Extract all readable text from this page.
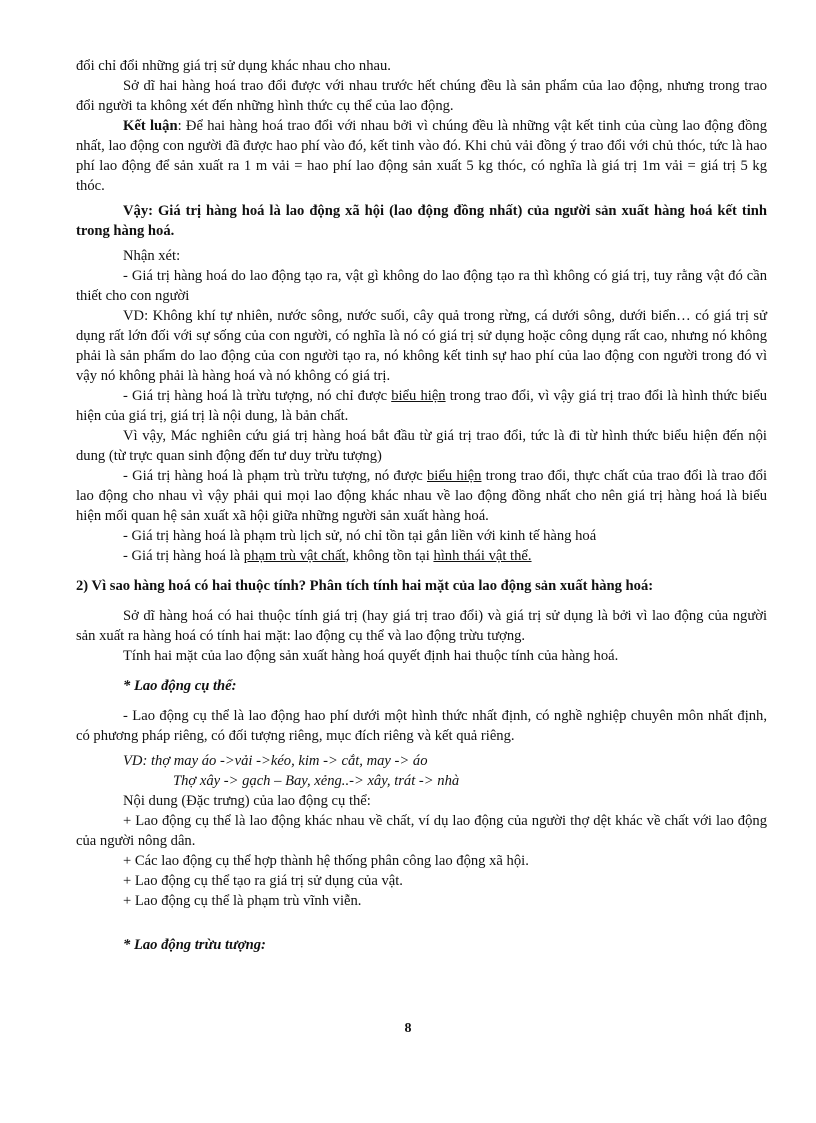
đổi chỉ đổi những giá trị sử dụng khác nhau cho nhau.

Sở dĩ hai hàng hoá trao đổi được với nhau trước hết chúng đều là sản phẩm của lao động, nhưng trong trao đổi người ta không xét đến những hình thức cụ thể của lao động.

Kết luận: Để hai hàng hoá trao đổi với nhau bởi vì chúng đều là những vật kết tinh của cùng lao động đồng nhất, lao động con người đã được hao phí vào đó, kết tinh vào đó. Khi chủ vải đồng ý trao đổi với chủ thóc, tức là hao phí lao động để sản xuất ra 1 m vải = hao phí lao động sản xuất 5 kg thóc, có nghĩa là giá trị 1m vải = giá trị 5 kg thóc.

Vậy: Giá trị hàng hoá là lao động xã hội (lao động đồng nhất) của người sản xuất hàng hoá kết tinh trong hàng hoá.

Nhận xét:

- Giá trị hàng hoá do lao động tạo ra, vật gì không do lao động tạo ra thì không có giá trị, tuy rằng vật đó cần thiết cho con người

VD: Không khí tự nhiên, nước sông, nước suối, cây quả trong rừng, cá dưới sông, dưới biển… có giá trị sử dụng rất lớn đối với sự sống của con người, có nghĩa là nó có giá trị sử dụng hoặc công dụng rất cao, nhưng nó không phải là sản phẩm do lao động của con người tạo ra, nó không kết tinh sự hao phí của lao động con người trong đó vì vậy nó không phải là hàng hoá và nó không có giá trị.

- Giá trị hàng hoá là trừu tượng, nó chỉ được biểu hiện trong trao đổi, vì vậy giá trị trao đổi là hình thức biểu hiện của giá trị, giá trị là nội dung, là bản chất.

Vì vậy, Mác nghiên cứu giá trị hàng hoá bắt đầu từ giá trị trao đổi, tức là đi từ hình thức biểu hiện đến nội dung (từ trực quan sinh động đến tư duy trừu tượng)

- Giá trị hàng hoá là phạm trù trừu tượng, nó được biểu hiện trong trao đổi, thực chất của trao đổi là trao đổi lao động cho nhau vì vậy phải qui mọi lao động khác nhau về lao động đồng nhất cho nên giá trị hàng hoá là biểu hiện mối quan hệ sản xuất xã hội giữa những người sản xuất hàng hoá.

- Giá trị hàng hoá là phạm trù lịch sử, nó chỉ tồn tại gắn liền với kinh tế hàng hoá

- Giá trị hàng hoá là phạm trù vật chất, không tồn tại hình thái vật thể.

2) Vì sao hàng hoá có hai thuộc tính? Phân tích tính hai mặt của lao động sản xuất hàng hoá:

Sở dĩ hàng hoá có hai thuộc tính giá trị (hay giá trị trao đổi) và giá trị sử dụng là bởi vì lao động của người sản xuất ra hàng hoá có tính hai mặt: lao động cụ thể và lao động trừu tượng.

Tính hai mặt của lao động sản xuất hàng hoá quyết định hai thuộc tính của hàng hoá.

* Lao động cụ thể:

- Lao động cụ thể là lao động hao phí dưới một hình thức nhất định, có nghề nghiệp chuyên môn nhất định, có phương pháp riêng, có đối tượng riêng, mục đích riêng và kết quả riêng.

VD: thợ may áo ->vải ->kéo, kim -> cắt, may -> áo

Thợ xây -> gạch – Bay, xẻng..-> xây, trát -> nhà

Nội dung (Đặc trưng) của lao động cụ thể:

+ Lao động cụ thể là lao động khác nhau về chất, ví dụ lao động của người thợ dệt khác về chất với lao động của người nông dân.

+ Các lao động cụ thể hợp thành hệ thống phân công lao động xã hội.

+ Lao động cụ thể tạo ra giá trị sử dụng của vật.

+ Lao động cụ thể là phạm trù vĩnh viễn.

* Lao động trừu tượng:

8
